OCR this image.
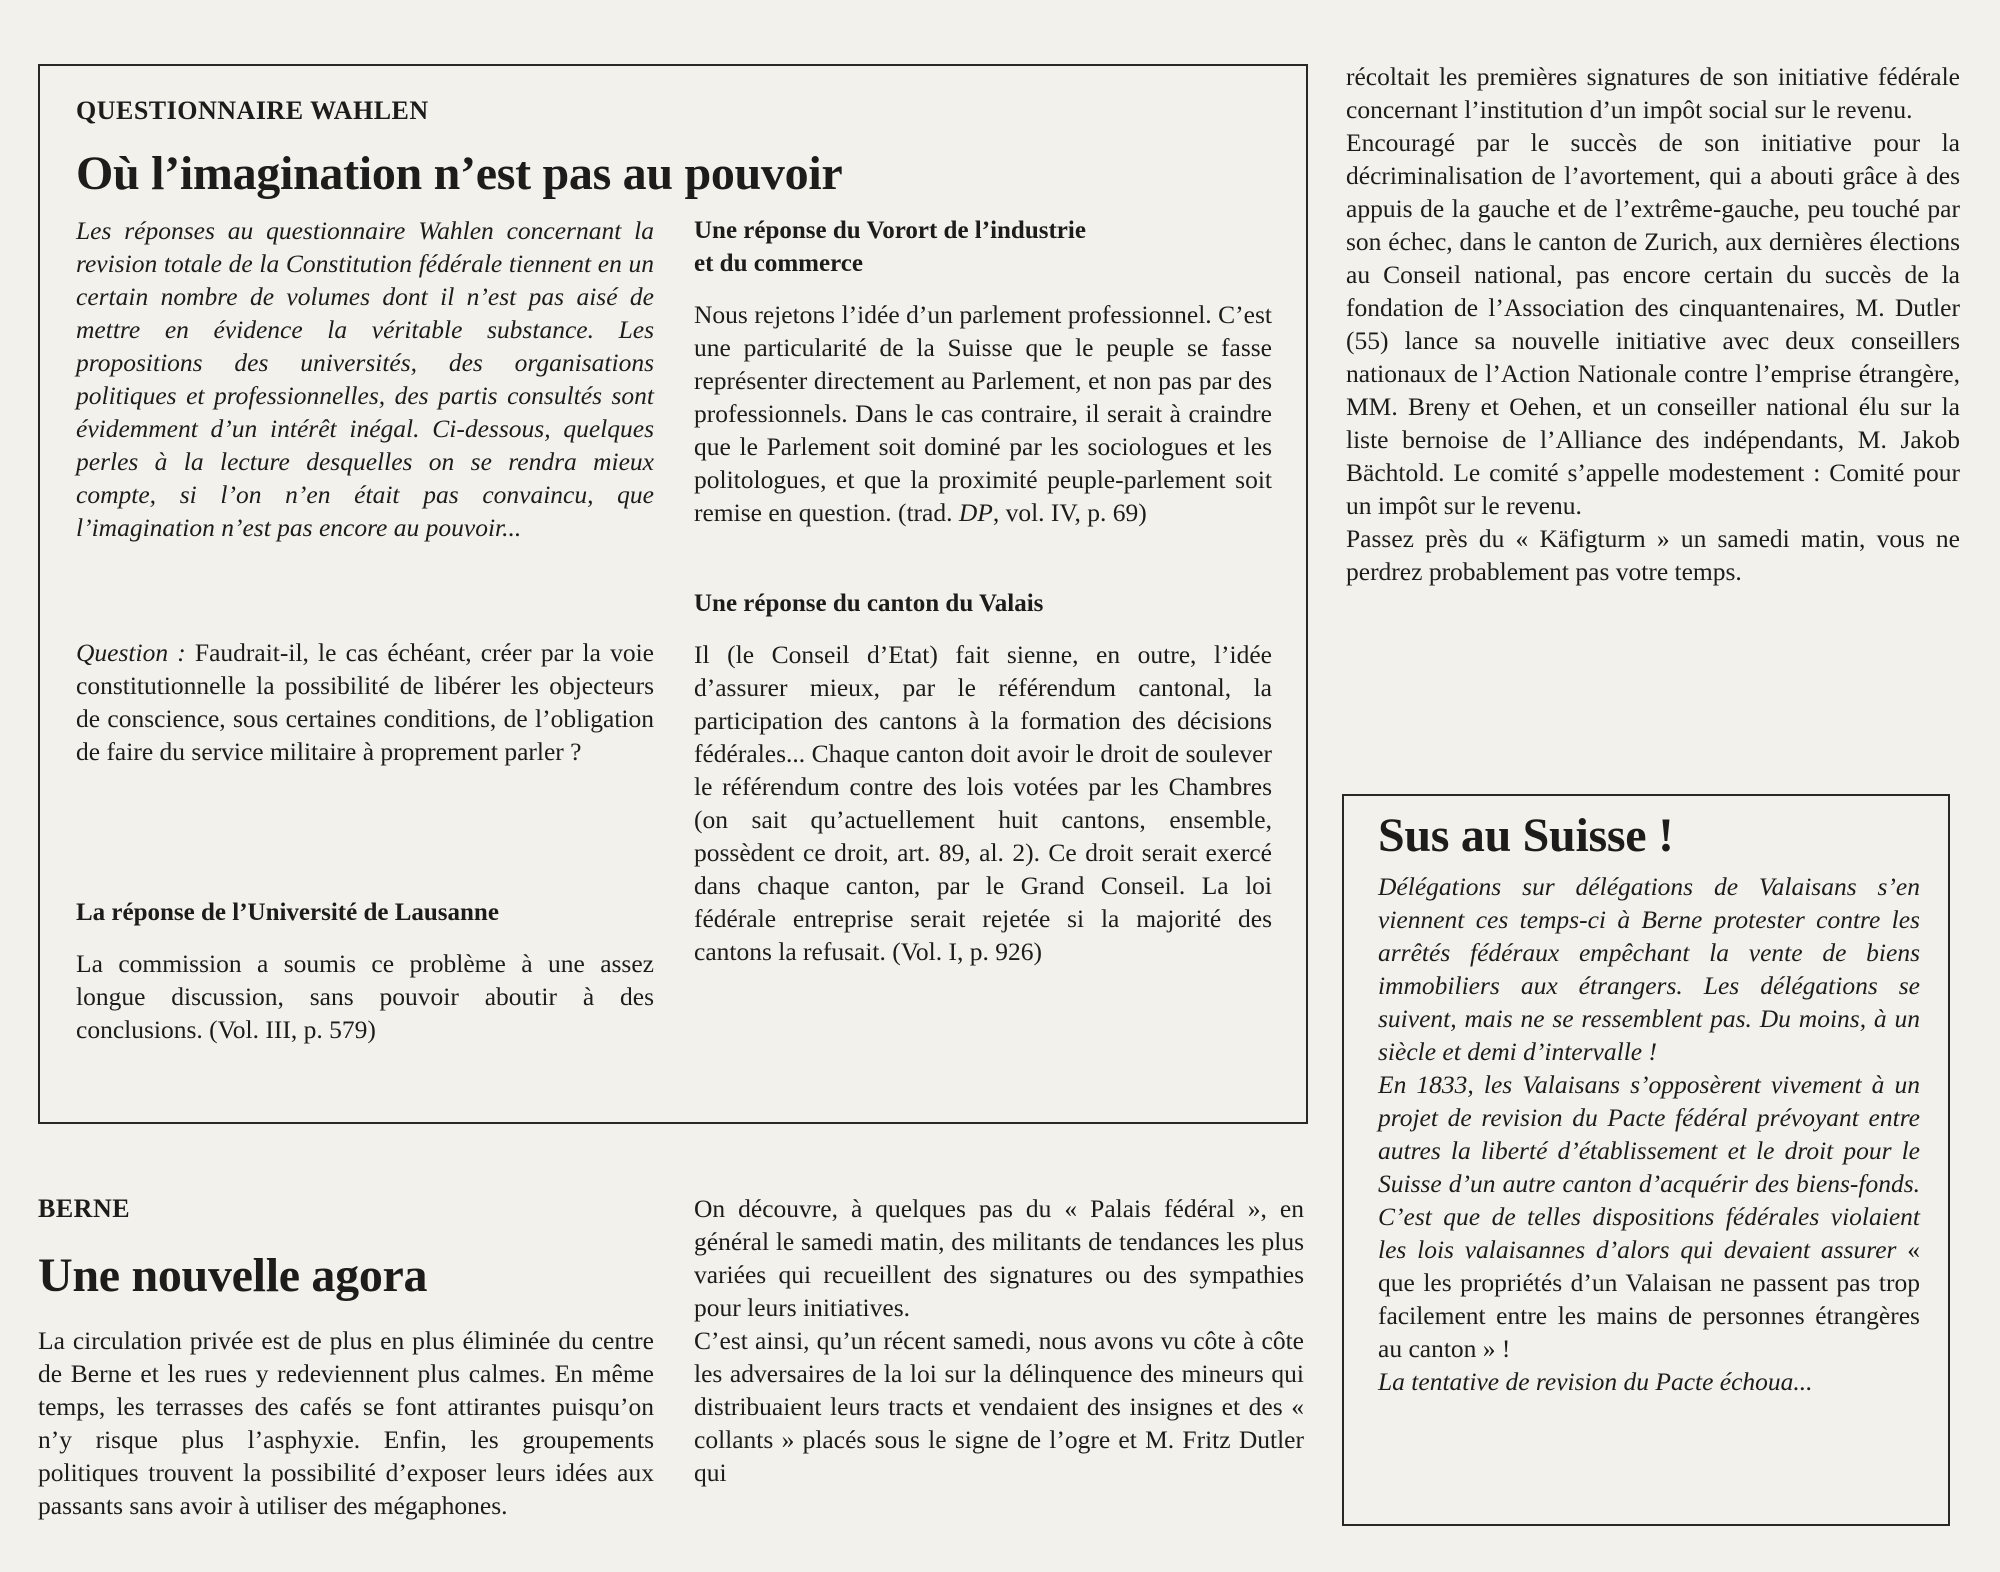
QUESTIONNAIRE WAHLEN

Où l’imagination n’est pas au pouvoir

Les réponses au questionnaire Wahlen concernant la revision totale de la Constitution fédérale tiennent en un certain nombre de volumes dont il n’est pas aisé de mettre en évidence la véritable substance. Les propositions des universités, des organisations politiques et professionnelles, des partis consultés sont évidemment d’un intérêt inégal. Ci-dessous, quelques perles à la lecture desquelles on se rendra mieux compte, si l’on n’en était pas convaincu, que l’imagination n’est pas encore au pouvoir...

Question : Faudrait-il, le cas échéant, créer par la voie constitutionnelle la possibilité de libérer les objecteurs de conscience, sous certaines conditions, de l’obligation de faire du service militaire à proprement parler ?

La réponse de l’Université de Lausanne

La commission a soumis ce problème à une assez longue discussion, sans pouvoir aboutir à des conclusions. (Vol. III, p. 579)

Une réponse du Vorort de l’industrie
et du commerce

Nous rejetons l’idée d’un parlement professionnel. C’est une particularité de la Suisse que le peuple se fasse représenter directement au Parlement, et non pas par des professionnels. Dans le cas contraire, il serait à craindre que le Parlement soit dominé par les sociologues et les politologues, et que la proximité peuple-parlement soit remise en question. (trad. DP, vol. IV, p. 69)

Une réponse du canton du Valais

Il (le Conseil d’Etat) fait sienne, en outre, l’idée d’assurer mieux, par le référendum cantonal, la participation des cantons à la formation des décisions fédérales... Chaque canton doit avoir le droit de soulever le référendum contre des lois votées par les Chambres (on sait qu’actuellement huit cantons, ensemble, possèdent ce droit, art. 89, al. 2). Ce droit serait exercé dans chaque canton, par le Grand Conseil. La loi fédérale entreprise serait rejetée si la majorité des cantons la refusait. (Vol. I, p. 926)

récoltait les premières signatures de son initiative fédérale concernant l’institution d’un impôt social sur le revenu.

Encouragé par le succès de son initiative pour la décriminalisation de l’avortement, qui a abouti grâce à des appuis de la gauche et de l’extrême-gauche, peu touché par son échec, dans le canton de Zurich, aux dernières élections au Conseil national, pas encore certain du succès de la fondation de l’Association des cinquantenaires, M. Dutler (55) lance sa nouvelle initiative avec deux conseillers nationaux de l’Action Nationale contre l’emprise étrangère, MM. Breny et Oehen, et un conseiller national élu sur la liste bernoise de l’Alliance des indépendants, M. Jakob Bächtold. Le comité s’appelle modestement : Comité pour un impôt sur le revenu.

Passez près du « Käfigturm » un samedi matin, vous ne perdrez probablement pas votre temps.

BERNE

Une nouvelle agora

La circulation privée est de plus en plus éliminée du centre de Berne et les rues y redeviennent plus calmes. En même temps, les terrasses des cafés se font attirantes puisqu’on n’y risque plus l’asphyxie. Enfin, les groupements politiques trouvent la possibilité d’exposer leurs idées aux passants sans avoir à utiliser des mégaphones.

On découvre, à quelques pas du « Palais fédéral », en général le samedi matin, des militants de tendances les plus variées qui recueillent des signatures ou des sympathies pour leurs initiatives.

C’est ainsi, qu’un récent samedi, nous avons vu côte à côte les adversaires de la loi sur la délinquence des mineurs qui distribuaient leurs tracts et vendaient des insignes et des « collants » placés sous le signe de l’ogre et M. Fritz Dutler qui

Sus au Suisse !

Délégations sur délégations de Valaisans s’en viennent ces temps-ci à Berne protester contre les arrêtés fédéraux empêchant la vente de biens immobiliers aux étrangers. Les délégations se suivent, mais ne se ressemblent pas. Du moins, à un siècle et demi d’intervalle !

En 1833, les Valaisans s’opposèrent vivement à un projet de revision du Pacte fédéral prévoyant entre autres la liberté d’établissement et le droit pour le Suisse d’un autre canton d’acquérir des biens-fonds. C’est que de telles dispositions fédérales violaient les lois valaisannes d’alors qui devaient assurer « que les propriétés d’un Valaisan ne passent pas trop facilement entre les mains de personnes étrangères au canton » !

La tentative de revision du Pacte échoua...
